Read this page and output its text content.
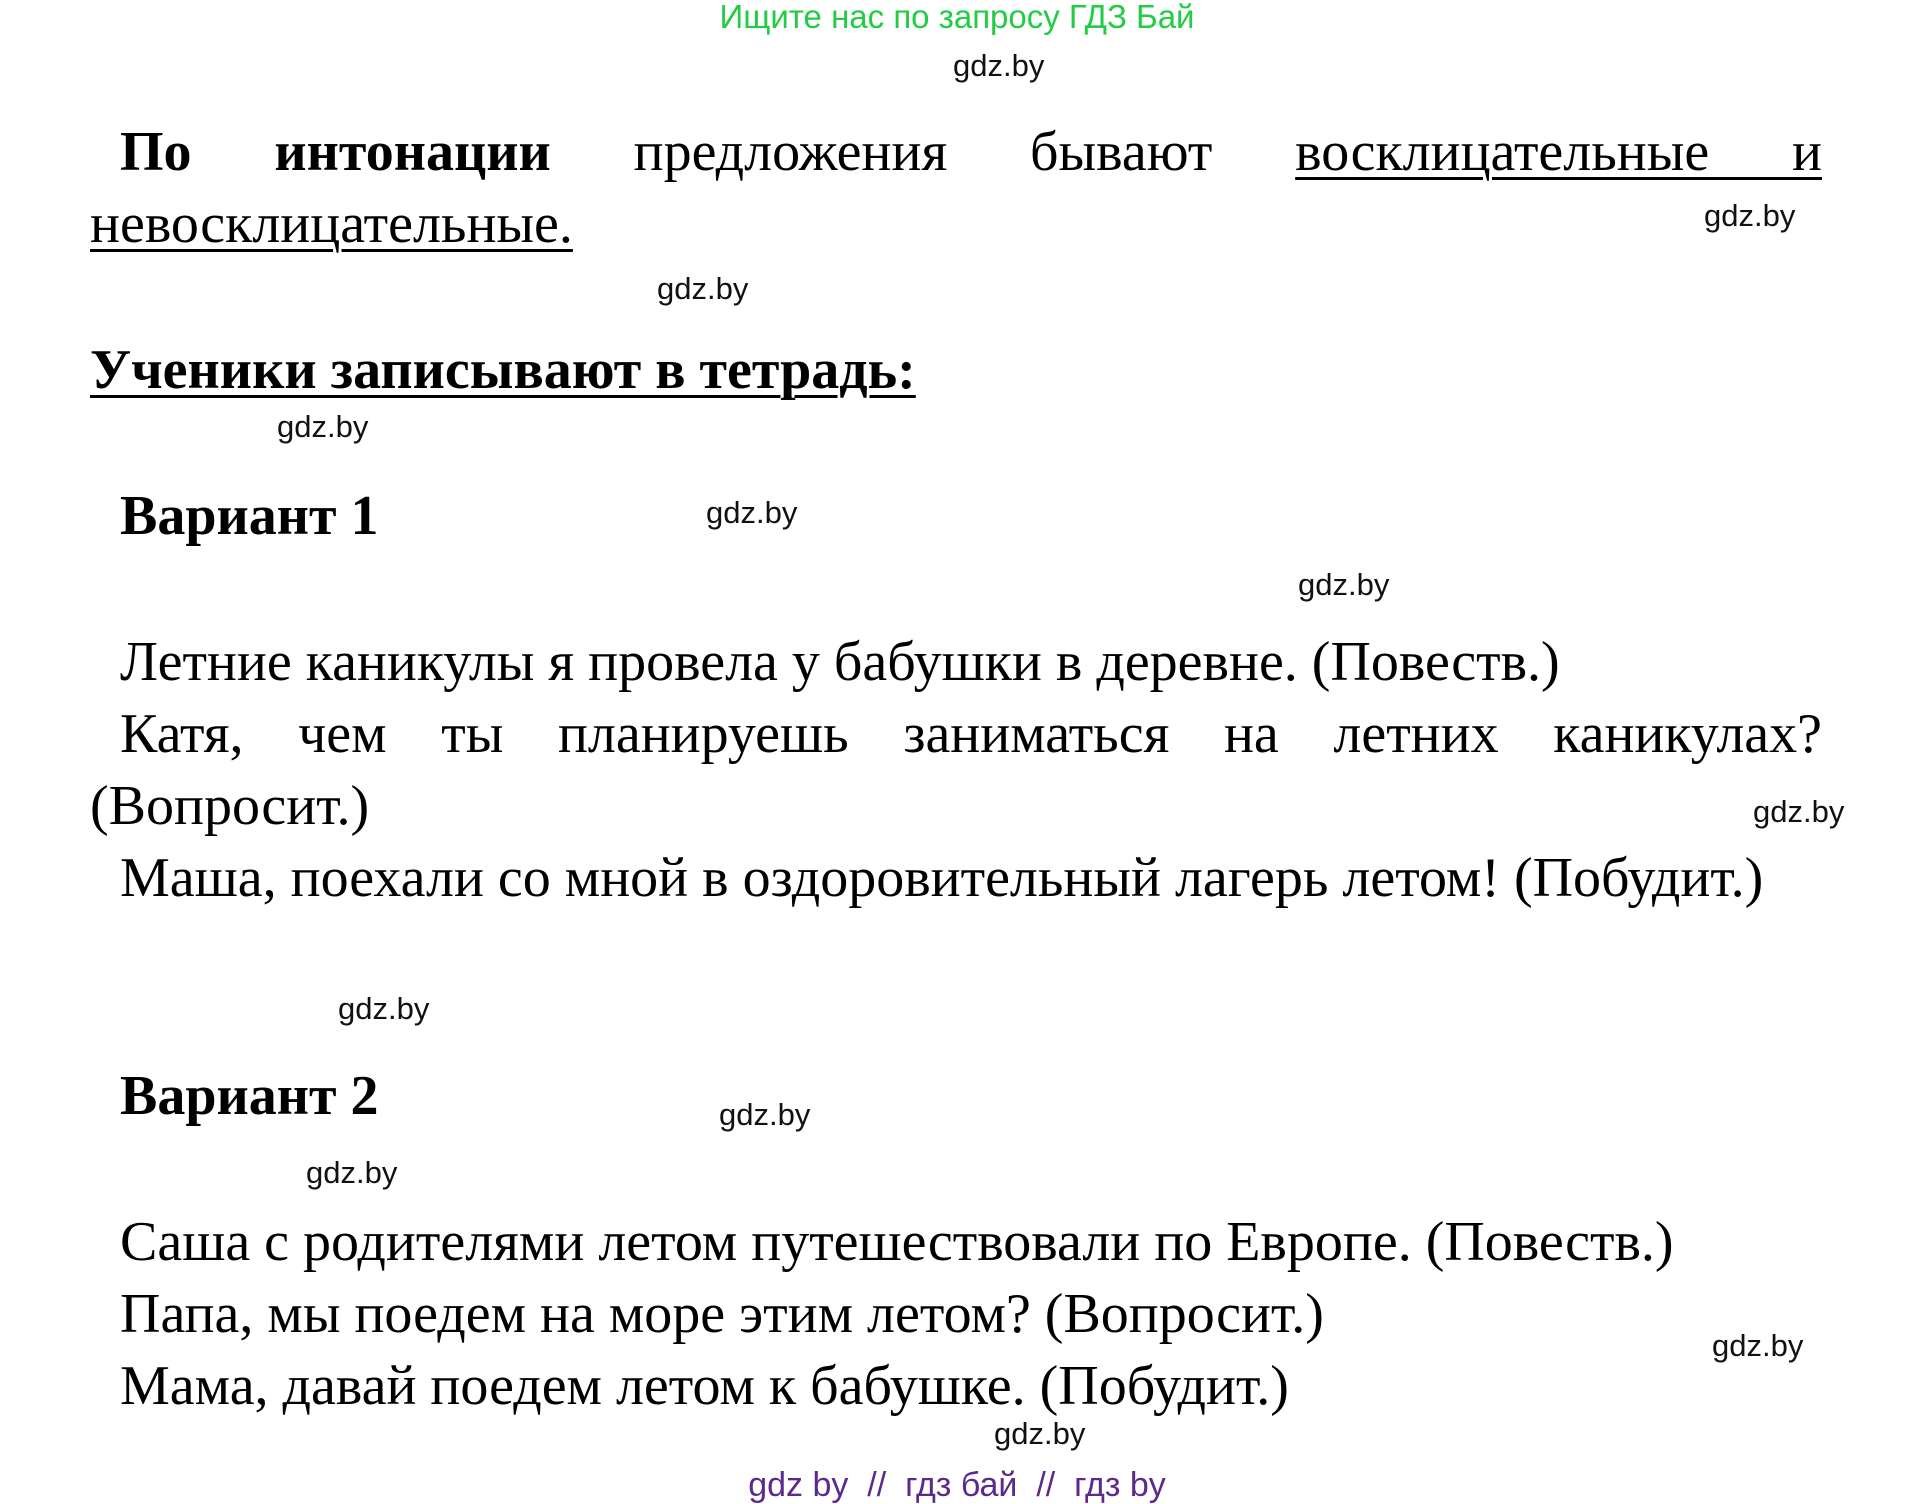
Ищите нас по запросу ГДЗ Бай
gdz.by
По интонации предложения бывают восклицательные и невосклицательные.	gdz.by
gdz.by
Ученики записывают в тетрадь:
gdz.by
Вариант 1	gdz.by
gdz.by

Летние каникулы я провела у бабушки в деревне. (Повеств.)

Катя, чем ты планируешь заниматься на летних каникулах? (Вопросит.)

Маша, поехали со мной в оздоровительный лагерь летом! (Побудит.)

gdz.by
gdz.by
Вариант 2	gdz.by
gdz.by

Саша с родителями летом путешествовали по Европе. (Повеств.)

Папа, мы поедем на море этим летом? (Вопросит.)

Мама, давай поедем летом к бабушке. (Побудит.)

gdz.by
gdz.by
gdz by  //  гдз бай  //  гдз by
